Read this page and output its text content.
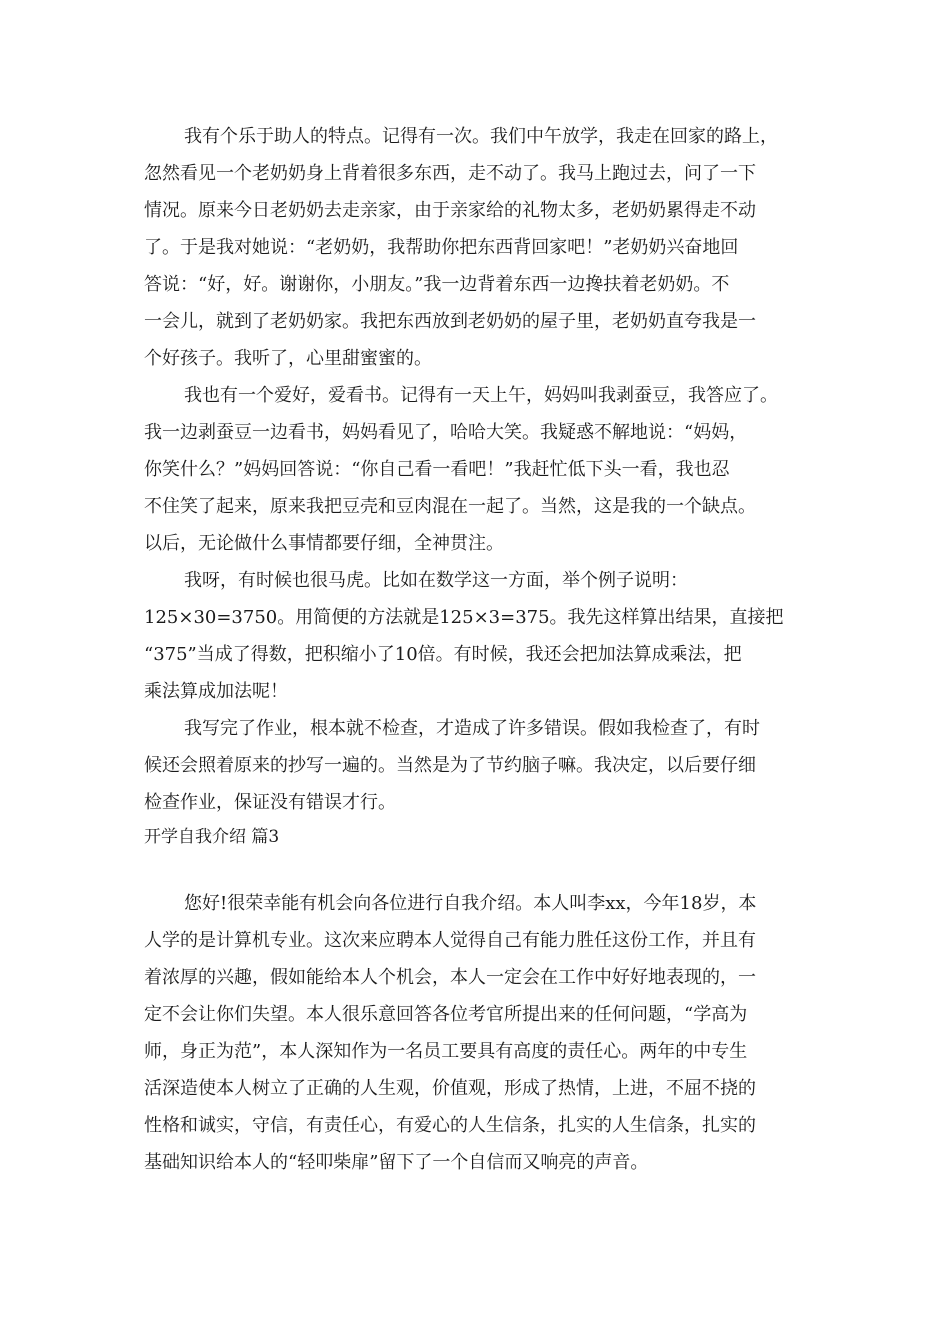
我有个乐于助人的特点。记得有一次。我们中午放学，我走在回家的路上，
忽然看见一个老奶奶身上背着很多东西，走不动了。我马上跑过去，问了一下
情况。原来今日老奶奶去走亲家，由于亲家给的礼物太多，老奶奶累得走不动
了。于是我对她说：“老奶奶，我帮助你把东西背回家吧！”老奶奶兴奋地回
答说：“好，好。谢谢你，小朋友。”我一边背着东西一边搀扶着老奶奶。不
一会儿，就到了老奶奶家。我把东西放到老奶奶的屋子里，老奶奶直夸我是一
个好孩子。我听了，心里甜蜜蜜的。
我也有一个爱好，爱看书。记得有一天上午，妈妈叫我剥蚕豆，我答应了。
我一边剥蚕豆一边看书，妈妈看见了，哈哈大笑。我疑惑不解地说：“妈妈，
你笑什么？”妈妈回答说：“你自己看一看吧！”我赶忙低下头一看，我也忍
不住笑了起来，原来我把豆壳和豆肉混在一起了。当然，这是我的一个缺点。
以后，无论做什么事情都要仔细，全神贯注。
我呀，有时候也很马虎。比如在数学这一方面，举个例子说明：
125×30=3750。用简便的方法就是125×3=375。我先这样算出结果，直接把
“375”当成了得数，把积缩小了10倍。有时候，我还会把加法算成乘法，把
乘法算成加法呢！
我写完了作业，根本就不检查，才造成了许多错误。假如我检查了，有时
候还会照着原来的抄写一遍的。当然是为了节约脑子嘛。我决定，以后要仔细
检查作业，保证没有错误才行。
开学自我介绍 篇3
您好!很荣幸能有机会向各位进行自我介绍。本人叫李xx，今年18岁，本
人学的是计算机专业。这次来应聘本人觉得自己有能力胜任这份工作，并且有
着浓厚的兴趣，假如能给本人个机会，本人一定会在工作中好好地表现的，一
定不会让你们失望。本人很乐意回答各位考官所提出来的任何问题，“学高为
师，身正为范”，本人深知作为一名员工要具有高度的责任心。两年的中专生
活深造使本人树立了正确的人生观，价值观，形成了热情，上进，不屈不挠的
性格和诚实，守信，有责任心，有爱心的人生信条，扎实的人生信条，扎实的
基础知识给本人的“轻叩柴扉”留下了一个自信而又响亮的声音。
